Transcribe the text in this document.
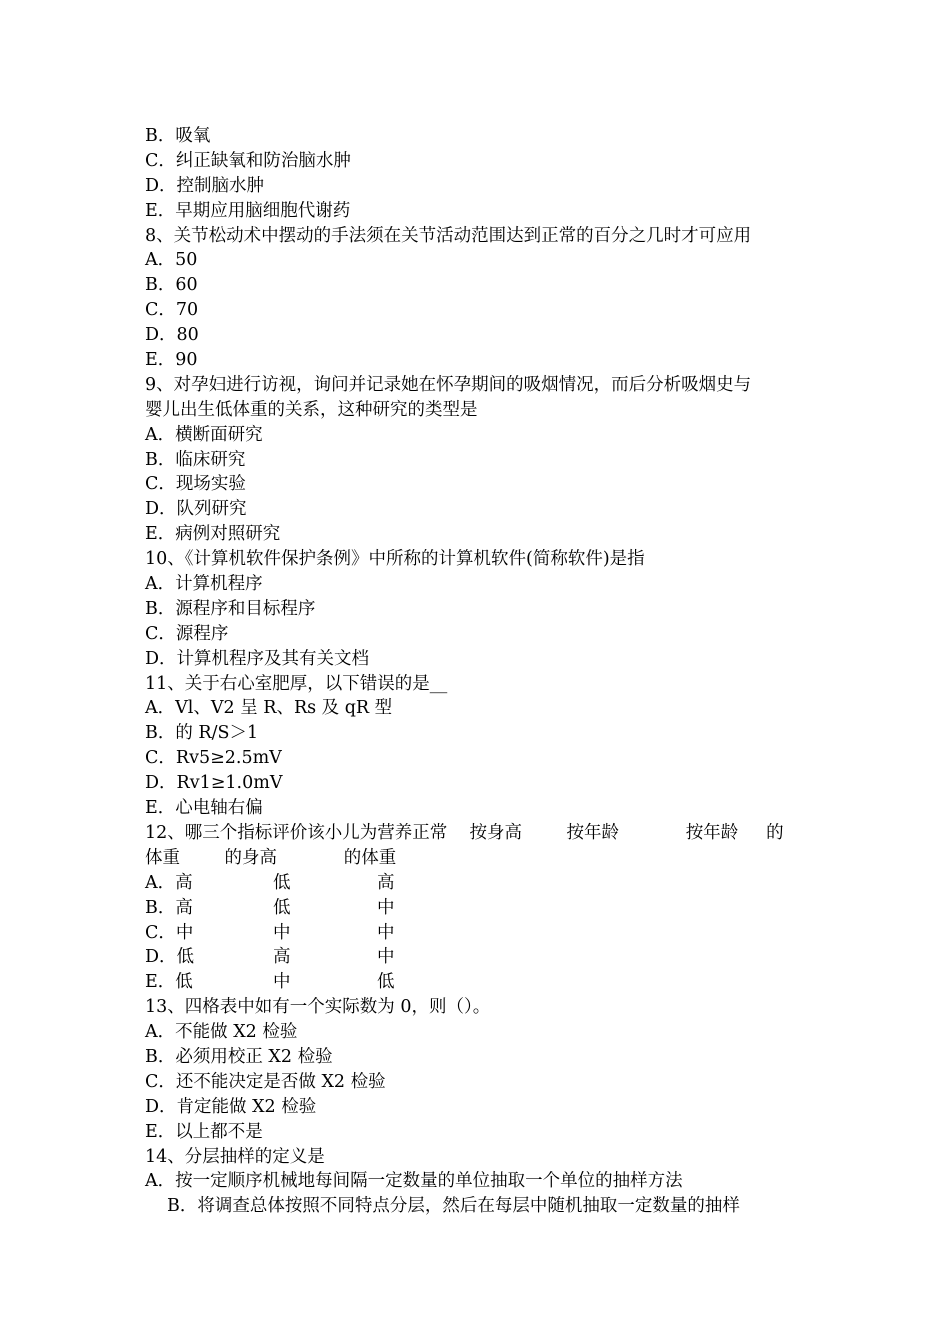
B．吸氧
C．纠正缺氧和防治脑水肿
D．控制脑水肿
E．早期应用脑细胞代谢药
8、关节松动术中摆动的手法须在关节活动范围达到正常的百分之几时才可应用
A．50
B．60
C．70
D．80
E．90
9、对孕妇进行访视，询问并记录她在怀孕期间的吸烟情况，而后分析吸烟史与
婴儿出生低体重的关系，这种研究的类型是
A．横断面研究
B．临床研究
C．现场实验
D．队列研究
E．病例对照研究
10、《计算机软件保护条例》中所称的计算机软件(简称软件)是指
A．计算机程序
B．源程序和目标程序
C．源程序
D．计算机程序及其有关文档
11、关于右心室肥厚，以下错误的是__
A．Vl、V2 呈 R、Rs 及 qR 型
B．的 R/S＞1
C．Rv5≥2.5mV
D．Rv1≥1.0mV
E．心电轴右偏
12、哪三个指标评价该小儿为营养正常    按身高        按年龄            按年龄     的
体重        的身高            的体重
A．高	低	高
B．高	低	中
C．中	中	中
D．低	高	中
E．低	中	低
13、四格表中如有一个实际数为 0，则（）。
A．不能做 X2 检验
B．必须用校正 X2 检验
C．还不能决定是否做 X2 检验
D．肯定能做 X2 检验
E．以上都不是
14、分层抽样的定义是
A．按一定顺序机械地每间隔一定数量的单位抽取一个单位的抽样方法
B．将调查总体按照不同特点分层，然后在每层中随机抽取一定数量的抽样
